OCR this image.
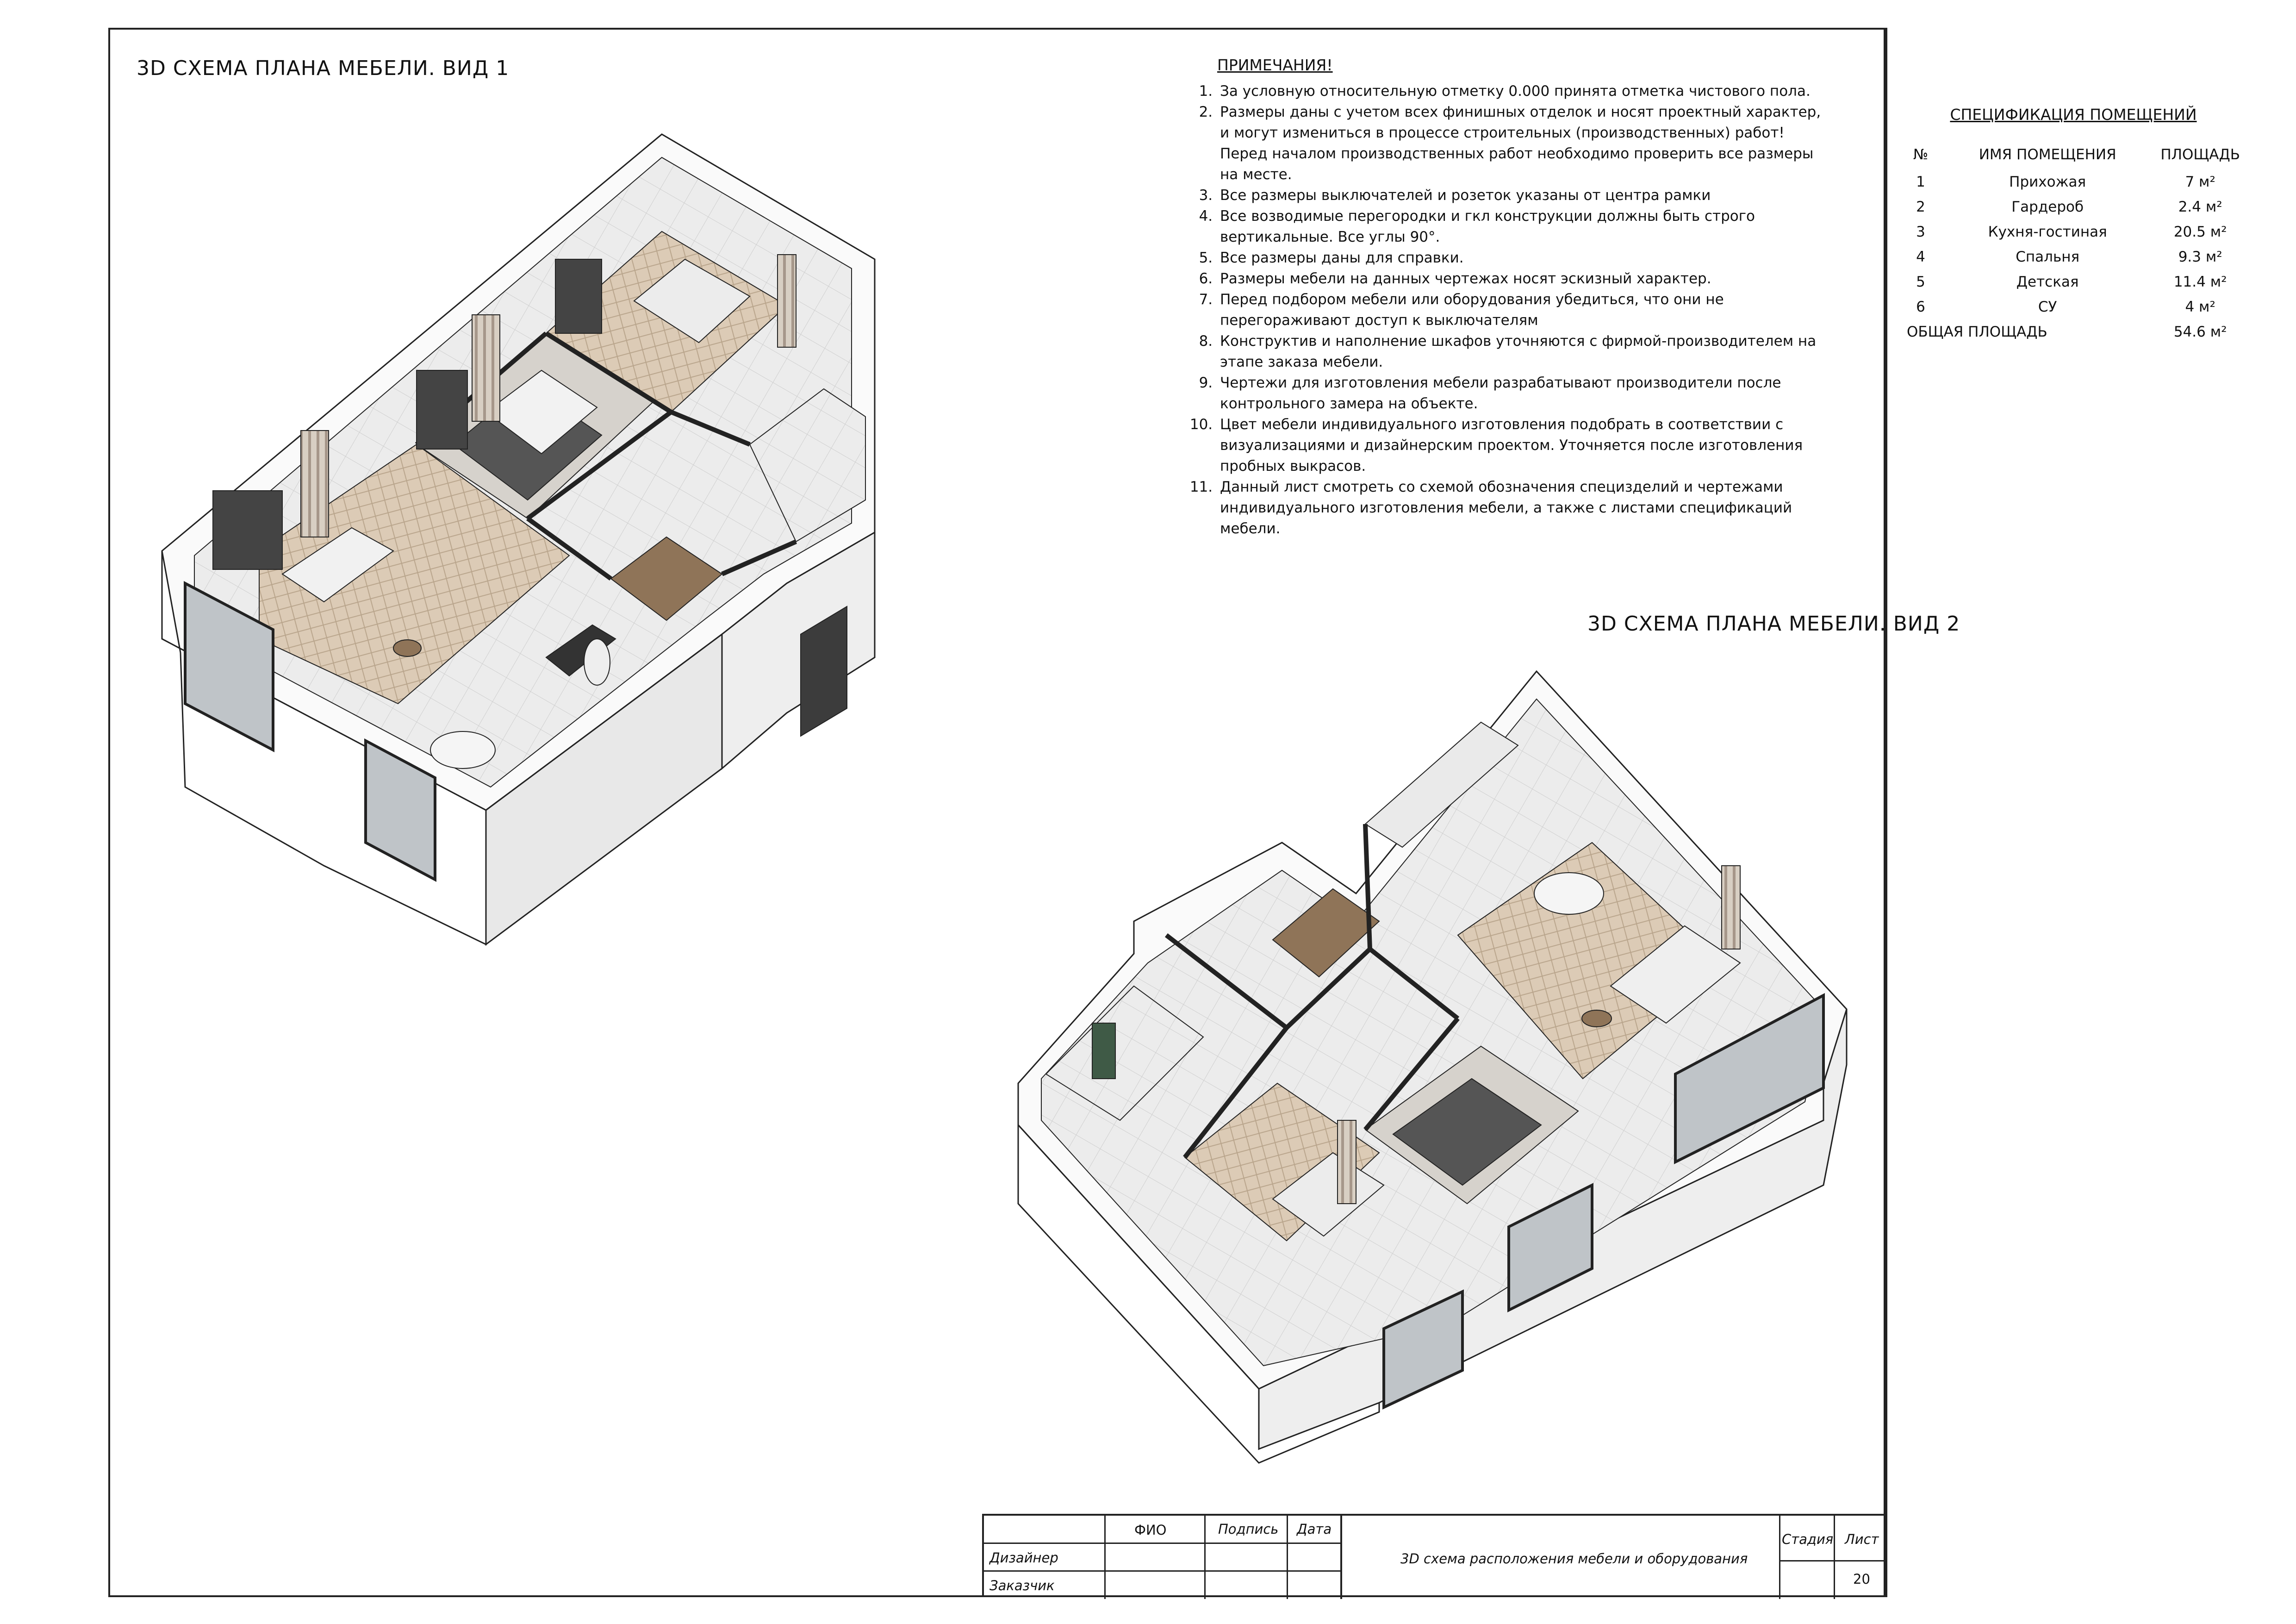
3D СХЕМА ПЛАНА МЕБЕЛИ. ВИД 1
3D СХЕМА ПЛАНА МЕБЕЛИ. ВИД 2
ПРИМЕЧАНИЯ!
1. За условную относительную отметку 0.000 принята отметка чистового пола.
2. Размеры даны с учетом всех финишных отделок и носят проектный характер, и могут измениться в процессе строительных (производственных) работ! Перед началом производственных работ необходимо проверить все размеры на месте.
3. Все размеры выключателей и розеток указаны от центра рамки
4. Все возводимые перегородки и гкл конструкции должны быть строго вертикальные. Все углы 90°.
5. Все размеры даны для справки.
6. Размеры мебели на данных чертежах носят эскизный характер.
7. Перед подбором мебели или оборудования убедиться, что они не перегораживают доступ к выключателям
8. Конструктив и наполнение шкафов уточняются с фирмой-производителем на этапе заказа мебели.
9. Чертежи для изготовления мебели разрабатывают производители после контрольного замера на объекте.
10. Цвет мебели индивидуального изготовления подобрать в соответствии с визуализациями и дизайнерским проектом. Уточняется после изготовления пробных выкрасов.
11. Данный лист смотреть со схемой обозначения специзделий и чертежами индивидуального изготовления мебели, а также с листами спецификаций мебели.
СПЕЦИФИКАЦИЯ ПОМЕЩЕНИЙ
№	ИМЯ ПОМЕЩЕНИЯ	ПЛОЩАДЬ
1	Прихожая	7 м²
2	Гардероб	2.4 м²
3	Кухня-гостиная	20.5 м²
4	Спальня	9.3 м²
5	Детская	11.4 м²
6	СУ	4 м²
ОБЩАЯ ПЛОЩАДЬ		54.6 м²
ФИО	Подпись Дата
Дизайнер
Заказчик
3D схема расположения мебели и оборудования
Стадия Лист
20
